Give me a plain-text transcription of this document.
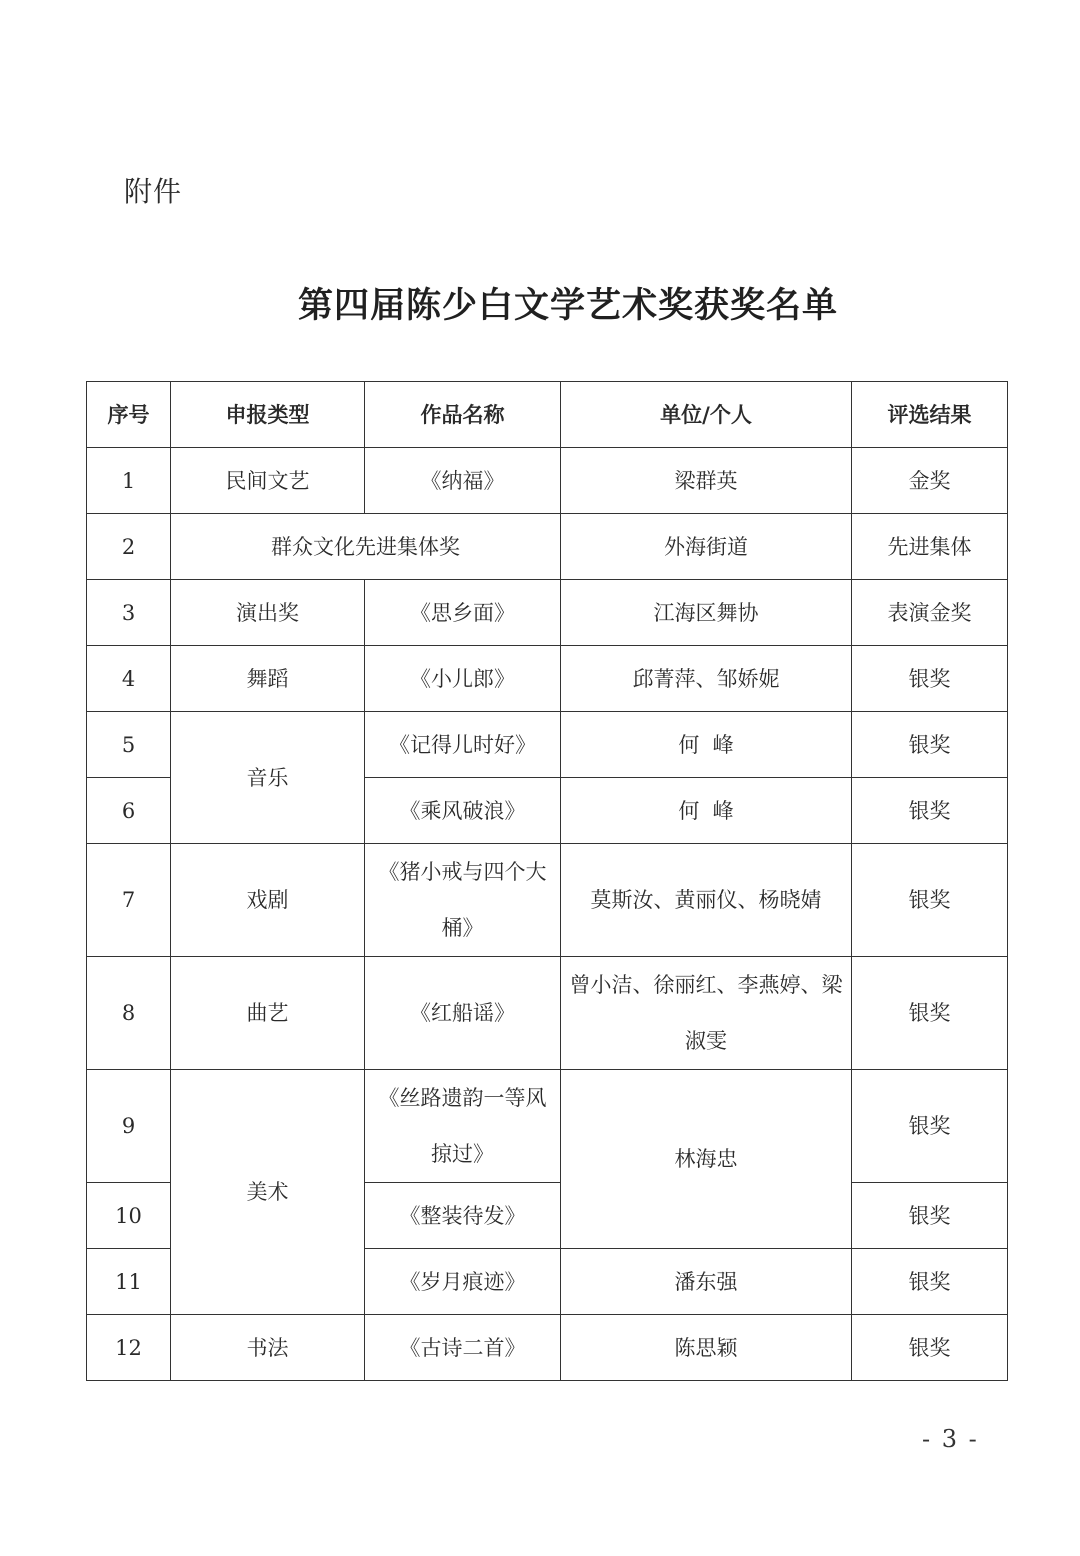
附件
第四届陈少白文学艺术奖获奖名单
序号	申报类型	作品名称	单位/个人	评选结果
1	民间文艺	《纳福》	梁群英	金奖
2	群众文化先进集体奖		外海街道	先进集体
3	演出奖	《思乡面》	江海区舞协	表演金奖
4	舞蹈	《小儿郎》	邱菁萍、邹娇妮	银奖
5	音乐	《记得儿时好》	何  峰	银奖
6		《乘风破浪》	何  峰	银奖
7	戏剧	《猪小戒与四个大桶》	莫斯汝、黄丽仪、杨晓婧	银奖
8	曲艺	《红船谣》	曾小洁、徐丽红、李燕婷、梁淑雯	银奖
9	美术	《丝路遗韵一等风掠过》	林海忠	银奖
10		《整装待发》		银奖
11		《岁月痕迹》	潘东强	银奖
12	书法	《古诗二首》	陈思颖	银奖
- 3 -
